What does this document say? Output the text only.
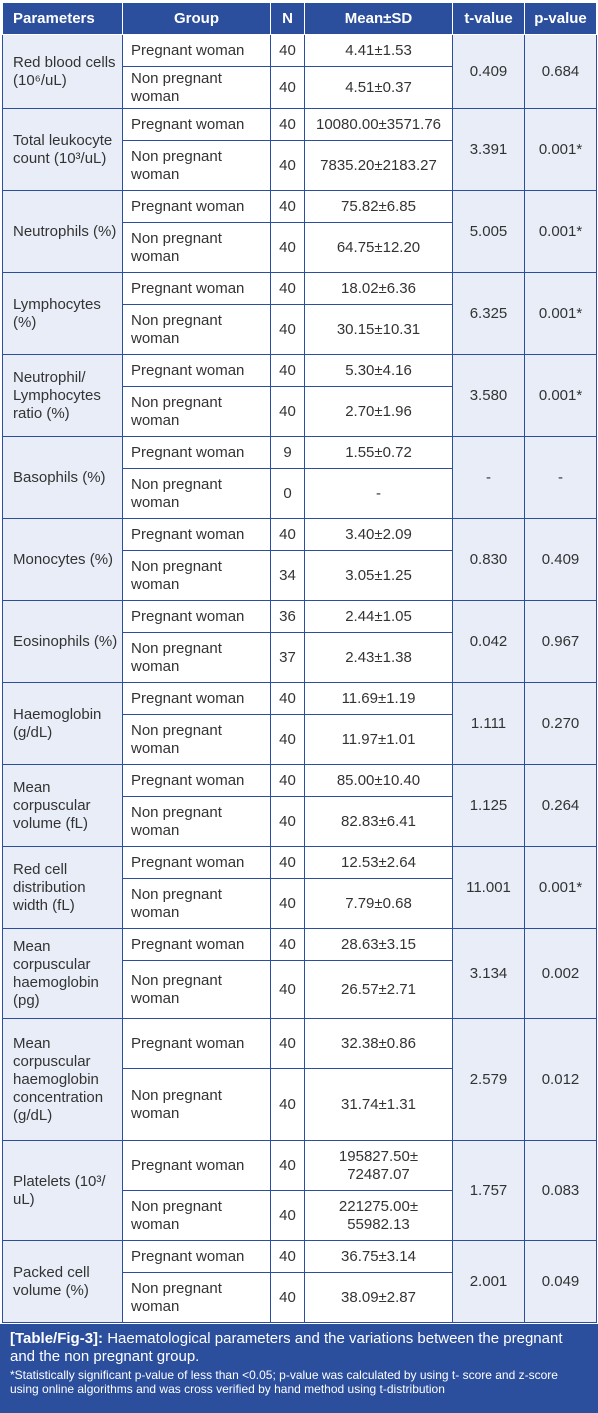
Parameters	Group	N	Mean±SD	t-value	p-value
Red blood cells (10⁶/uL)	Pregnant woman	40	4.41±1.53	0.409	0.684
	Non pregnant woman	40	4.51±0.37		
Total leukocyte count (10³/uL)	Pregnant woman	40	10080.00±3571.76	3.391	0.001*
	Non pregnant woman	40	7835.20±2183.27		
Neutrophils (%)	Pregnant woman	40	75.82±6.85	5.005	0.001*
	Non pregnant woman	40	64.75±12.20		
Lymphocytes (%)	Pregnant woman	40	18.02±6.36	6.325	0.001*
	Non pregnant woman	40	30.15±10.31		
Neutrophil/ Lymphocytes ratio (%)	Pregnant woman	40	5.30±4.16	3.580	0.001*
	Non pregnant woman	40	2.70±1.96		
Basophils (%)	Pregnant woman	9	1.55±0.72	-	-
	Non pregnant woman	0	-		
Monocytes (%)	Pregnant woman	40	3.40±2.09	0.830	0.409
	Non pregnant woman	34	3.05±1.25		
Eosinophils (%)	Pregnant woman	36	2.44±1.05	0.042	0.967
	Non pregnant woman	37	2.43±1.38		
Haemoglobin (g/dL)	Pregnant woman	40	11.69±1.19	1.111	0.270
	Non pregnant woman	40	11.97±1.01		
Mean corpuscular volume (fL)	Pregnant woman	40	85.00±10.40	1.125	0.264
	Non pregnant woman	40	82.83±6.41		
Red cell distribution width (fL)	Pregnant woman	40	12.53±2.64	11.001	0.001*
	Non pregnant woman	40	7.79±0.68		
Mean corpuscular haemoglobin (pg)	Pregnant woman	40	28.63±3.15	3.134	0.002
	Non pregnant woman	40	26.57±2.71		
Mean corpuscular haemoglobin concentration (g/dL)	Pregnant woman	40	32.38±0.86	2.579	0.012
	Non pregnant woman	40	31.74±1.31		
Platelets (10³/ uL)	Pregnant woman	40	195827.50± 72487.07	1.757	0.083
	Non pregnant woman	40	221275.00± 55982.13		
Packed cell volume (%)	Pregnant woman	40	36.75±3.14	2.001	0.049
	Non pregnant woman	40	38.09±2.87		
[Table/Fig-3]: Haematological parameters and the variations between the pregnant and the non pregnant group.
*Statistically significant p-value of less than <0.05; p-value was calculated by using t- score and z-score using online algorithms and was cross verified by hand method using t-distribution
